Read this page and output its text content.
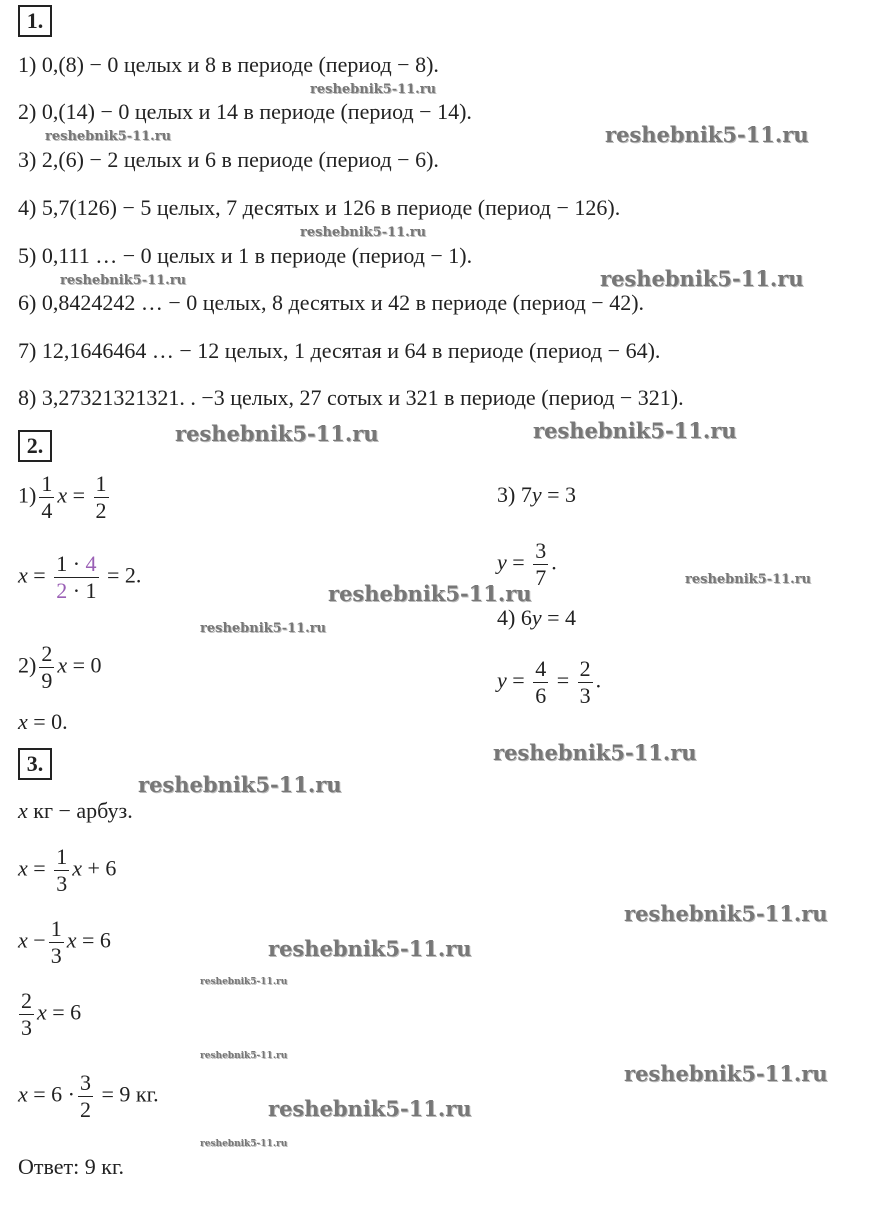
1.
1) 0,(8) − 0 целых и 8 в периоде (период − 8).
2) 0,(14) − 0 целых и 14 в периоде (период − 14).
3) 2,(6) − 2 целых и 6 в периоде (период − 6).
4) 5,7(126) − 5 целых, 7 десятых и 126 в периоде (период − 126).
5) 0,111 … − 0 целых и 1 в периоде (период − 1).
6) 0,8424242 … − 0 целых, 8 десятых и 42 в периоде (период − 42).
7) 12,1646464 … − 12 целых, 1 десятая и 64 в периоде (период − 64).
8) 3,27321321321. . −3 целых, 27 сотых и 321 в периоде (период − 321).
2.
$1) \frac{1}{4}$ $x = \frac{1}{2}$
$x = \frac{1 \cdot 4}{2 \cdot 1} = 2$.
$2) \frac{2}{9}$ x = 0
x = 0.
3) 7y = 3
$y = \frac{3}{7}$ .
4) 6y = 4
$y = \frac{4}{6} = \frac{2}{3}$ .
3.
x кг − арбуз.
$x = \frac{1}{3}$ x + 6
$x - \frac{1}{3}$ x = 6
$\frac{2}{3}$ x = 6
$x = 6 \cdot \frac{3}{2} = 9$ кг.
Ответ: 9 кг.
reshebnik5-11.ru
reshebnik5-11.ru
reshebnik5-11.ru
reshebnik5-11.ru
reshebnik5-11.ru
reshebnik5-11.ru
reshebnik5-11.ru	reshebnik5-11.ru
reshebnik5-11.ru
reshebnik5-11.ru
reshebnik5-11.ru
reshebnik5-11.ru
reshebnik5-11.ru
reshebnik5-11.ru
reshebnik5-11.ru
reshebnik5-11.ru
reshebnik5-11.ru
reshebnik5-11.ru
reshebnik5-11.ru
reshebnik5-11.ru
